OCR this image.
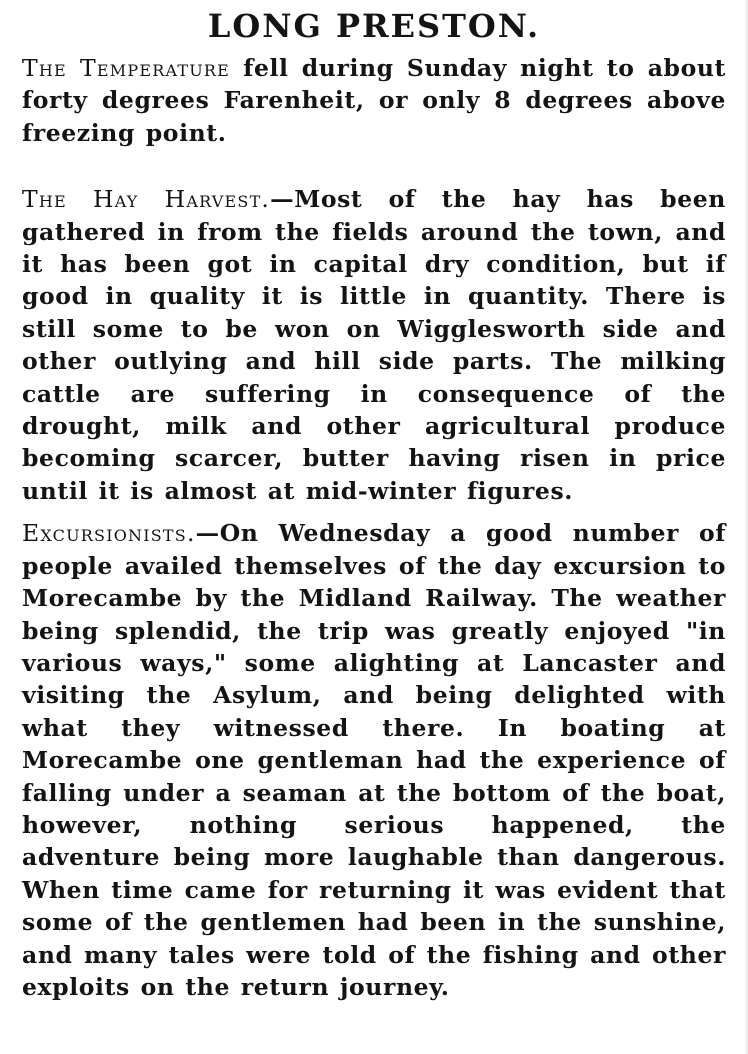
LONG PRESTON.

The Temperature fell during Sunday night to about forty degrees Farenheit, or only 8 degrees above freezing point.

The Hay Harvest.—Most of the hay has been gathered in from the fields around the town, and it has been got in capital dry condition, but if good in quality it is little in quantity. There is still some to be won on Wigglesworth side and other outlying and hill side parts. The milking cattle are suffering in consequence of the drought, milk and other agricultural produce becoming scarcer, butter having risen in price until it is almost at mid-winter figures.

Excursionists.—On Wednesday a good number of people availed themselves of the day excursion to Morecambe by the Midland Railway. The weather being splendid, the trip was greatly enjoyed "in various ways," some alighting at Lancaster and visiting the Asylum, and being delighted with what they witnessed there. In boating at Morecambe one gentleman had the experience of falling under a seaman at the bottom of the boat, however, nothing serious happened, the adventure being more laughable than dangerous. When time came for returning it was evident that some of the gentlemen had been in the sunshine, and many tales were told of the fishing and other exploits on the return journey.
